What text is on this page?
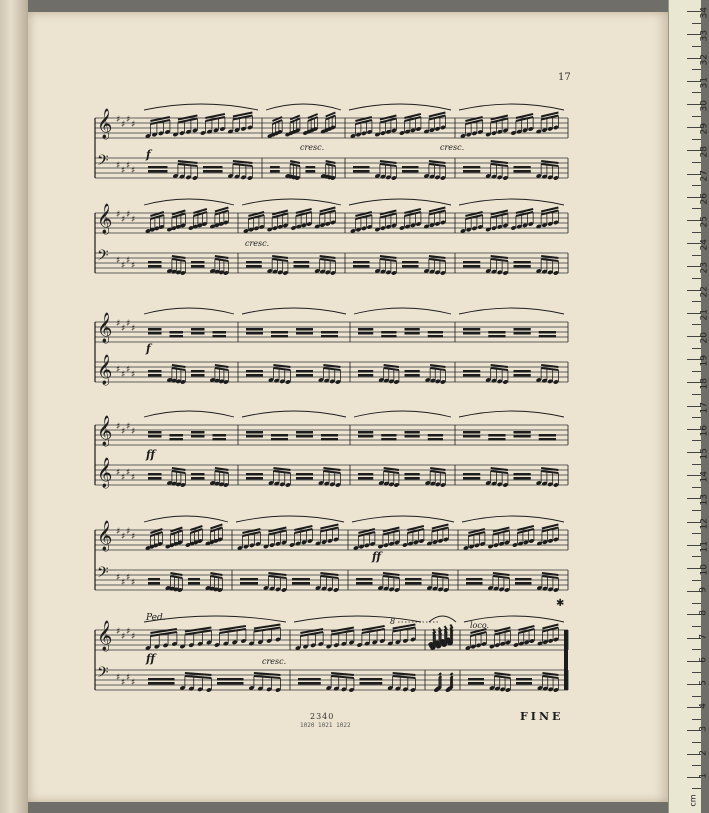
17
𝄞
𝄢
♯ ♯ ♯ ♯
♯ ♯ ♯ ♯
𝄞
𝄢
♯ ♯ ♯ ♯
♯ ♯ ♯ ♯
𝄞
𝄞
♯ ♯ ♯ ♯
♯ ♯ ♯ ♯
𝄞
𝄞
♯ ♯ ♯ ♯
♯ ♯ ♯ ♯
𝄞
𝄢
♯ ♯ ♯ ♯
♯ ♯ ♯ ♯
𝄞
𝄢
♯ ♯ ♯ ♯
♯ ♯ ♯ ♯
f
f
ff
ff
ff
cresc.	cresc.
cresc.
cresc.
loco.
8
Ped.
✱
2340
1020 1021 1022
FINE
cm
1
2
3
4
5
6
7
8
9
10
11
12
13
14
15
16
17
18
19
20
21
22
23
24
25
26
27
28
29
30
31
32
33
34
